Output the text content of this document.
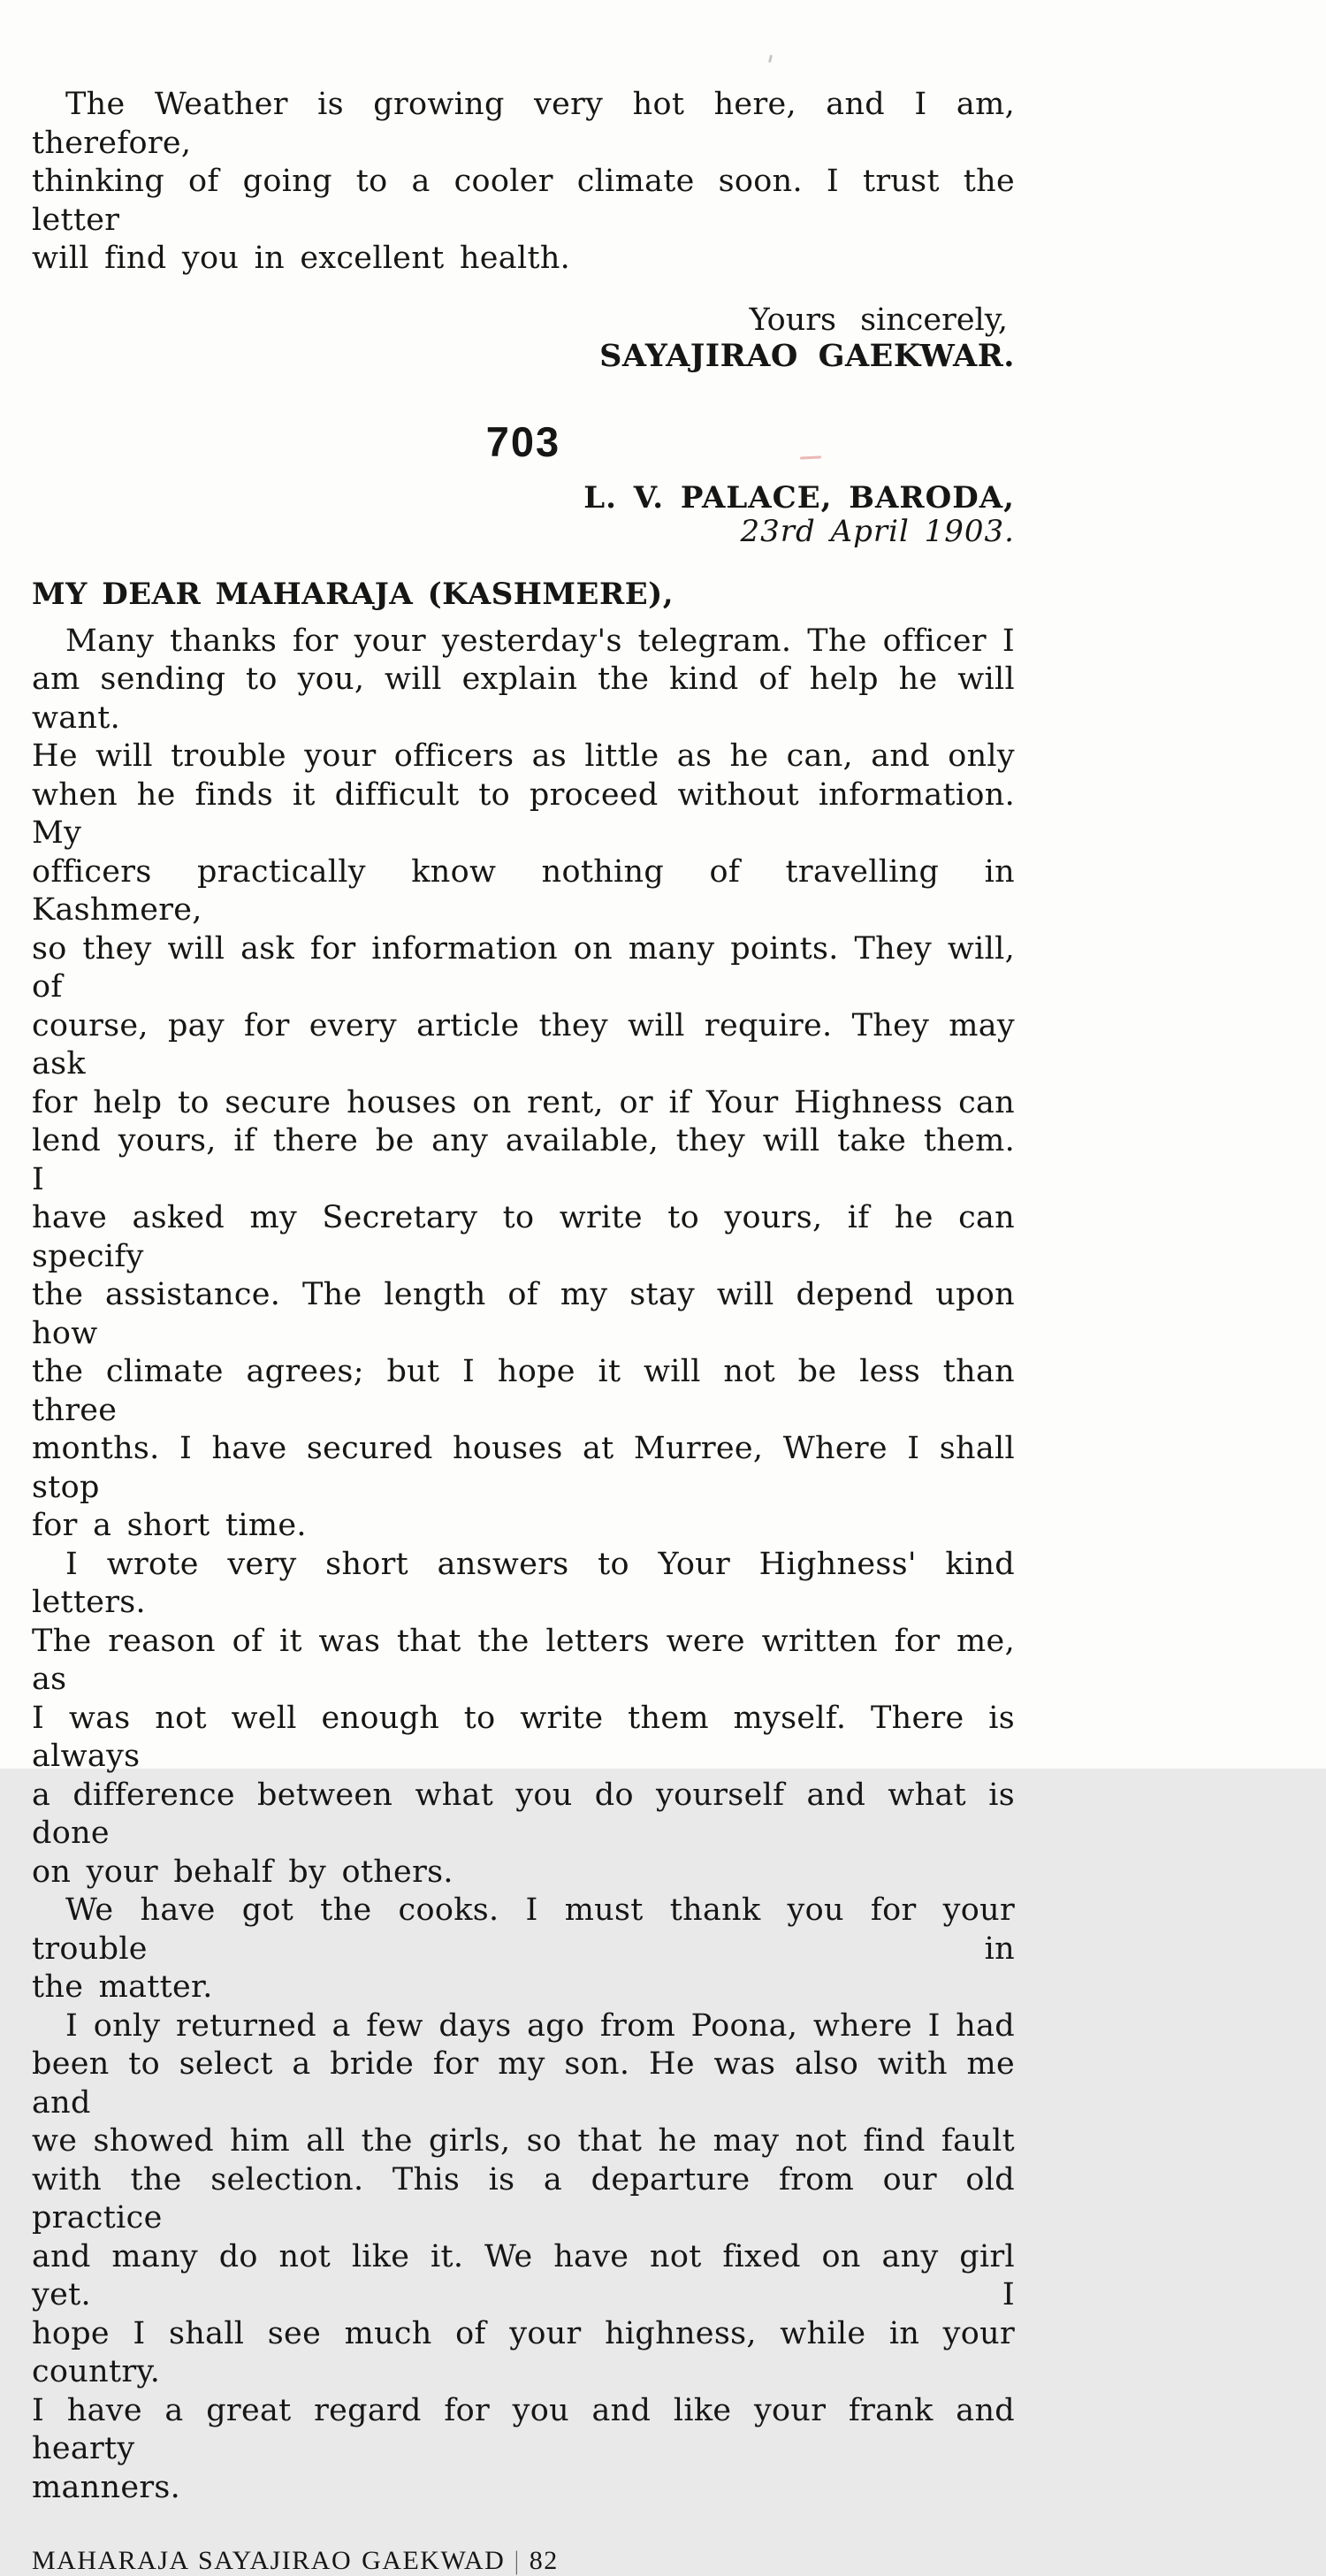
The Weather is growing very hot here, and I am, therefore,
thinking of going to a cooler climate soon. I trust the letter
will find you in excellent health.
Yours sincerely,
SAYAJIRAO GAEKWAR.
703
L. V. PALACE, BARODA,
23rd April 1903.
MY DEAR MAHARAJA (KASHMERE),
Many thanks for your yesterday's telegram. The officer I
am sending to you, will explain the kind of help he will want.
He will trouble your officers as little as he can, and only
when he finds it difficult to proceed without information. My
officers practically know nothing of travelling in Kashmere,
so they will ask for information on many points. They will, of
course, pay for every article they will require. They may ask
for help to secure houses on rent, or if Your Highness can
lend yours, if there be any available, they will take them. I
have asked my Secretary to write to yours, if he can specify
the assistance. The length of my stay will depend upon how
the climate agrees; but I hope it will not be less than three
months. I have secured houses at Murree, Where I shall stop
for a short time.
I wrote very short answers to Your Highness' kind letters.
The reason of it was that the letters were written for me, as
I was not well enough to write them myself. There is always
a difference between what you do yourself and what is done
on your behalf by others.
We have got the cooks. I must thank you for your trouble in
the matter.
I only returned a few days ago from Poona, where I had
been to select a bride for my son. He was also with me and
we showed him all the girls, so that he may not find fault
with the selection. This is a departure from our old practice
and many do not like it. We have not fixed on any girl yet. I
hope I shall see much of your highness, while in your country.
I have a great regard for you and like your frank and hearty
manners.
MAHARAJA SAYAJIRAO GAEKWAD | 82
